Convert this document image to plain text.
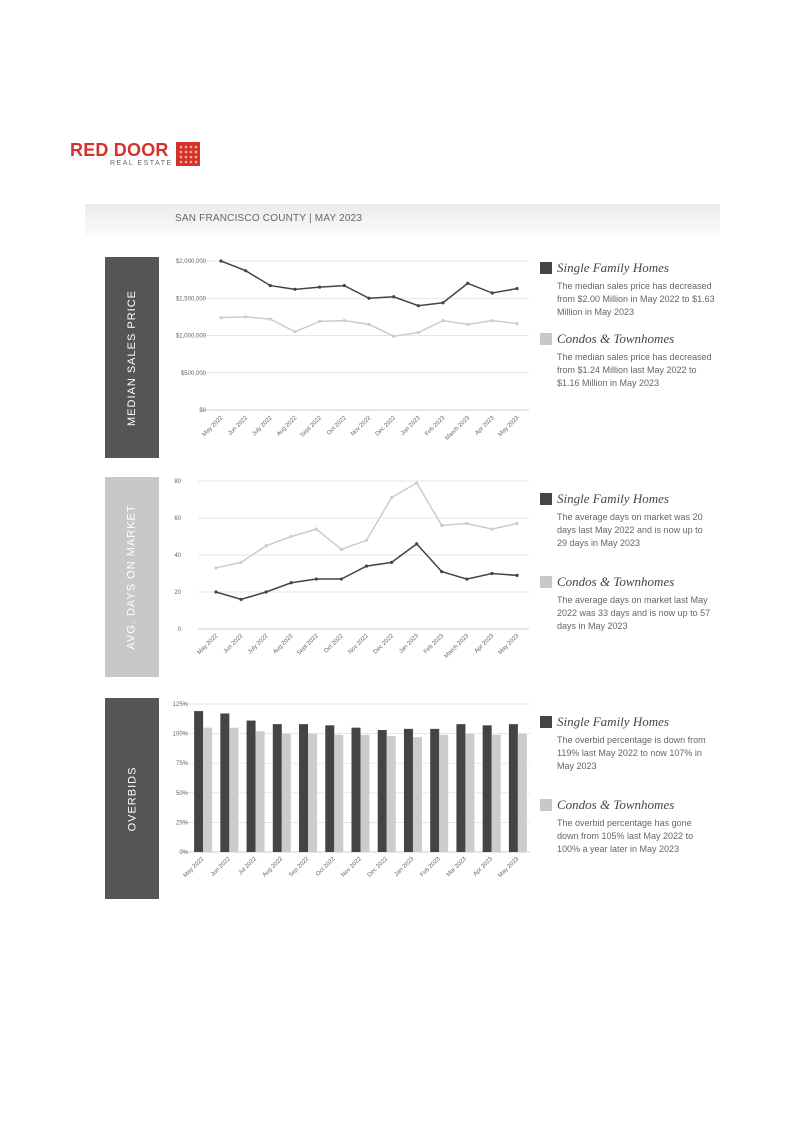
RED DOOR
REAL ESTATE
SAN FRANCISCO COUNTY | MAY 2023
MEDIAN SALES PRICE
AVG. DAYS ON MARKET
OVERBIDS
$0
$500,000
$1,000,000
$1,500,000
$2,000,000
May 2022 Jun 2022 July 2022 Aug 2022 Sept 2022 Oct 2022 Nov 2022 Dec 2022 Jan 2023 Feb 2023
March 2023 Apr 2023 May 2023
0
20
40
60
80
May 2022 Jun 2022 July 2022 Aug 2022 Sept 2022 Oct 2022 Nov 2022 Dec 2022 Jan 2023 Feb 2023
March 2023 Apr 2023 May 2023
0%
25%
50%
75%
100%
125%
May 2022 Jun 2022 Jul 2022 Aug 2022 Sep 2022 Oct 2022 Nov 2022 Dec 2022 Jan 2023 Feb 2023 Mar 2023 Apr 2023 May 2023
Single Family Homes
The median sales price has decreased from $2.00 Million in May 2022 to $1.63 Million in May 2023
Condos & Townhomes
The median sales price has decreased from $1.24 Million last May 2022 to $1.16 Million in May 2023
Single Family Homes
The average days on market was 20 days last May 2022 and is now up to 29 days in May 2023
Condos & Townhomes
The average days on market last May 2022 was 33 days and is now up to 57 days in May 2023
Single Family Homes
The overbid percentage is down from 119% last May 2022 to now 107% in May 2023
Condos & Townhomes
The overbid percentage has gone down from 105% last May 2022 to 100% a year later in May 2023
